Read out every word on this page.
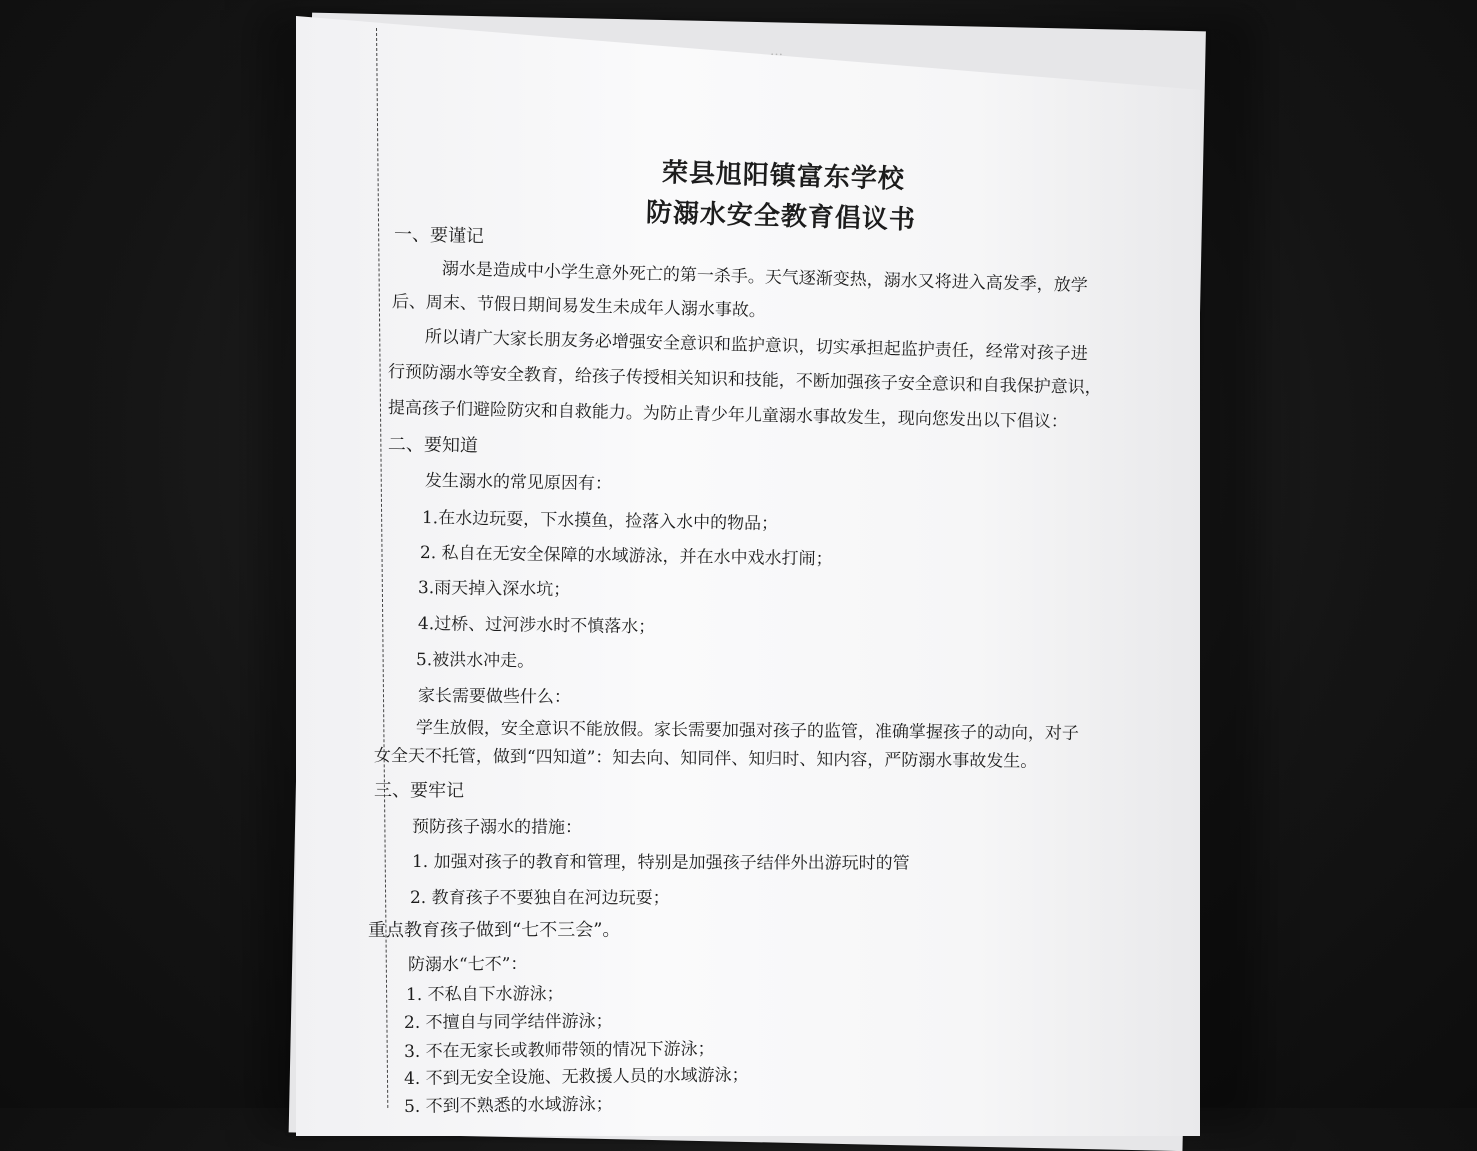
…
荣县旭阳镇富东学校
防溺水安全教育倡议书
一、要谨记
溺水是造成中小学生意外死亡的第一杀手。天气逐渐变热，溺水又将进入高发季，放学
后、周末、节假日期间易发生未成年人溺水事故。
所以请广大家长朋友务必增强安全意识和监护意识，切实承担起监护责任，经常对孩子进
行预防溺水等安全教育，给孩子传授相关知识和技能，不断加强孩子安全意识和自我保护意识，
提高孩子们避险防灾和自救能力。为防止青少年儿童溺水事故发生，现向您发出以下倡议：
二、要知道
发生溺水的常见原因有：
1.在水边玩耍，下水摸鱼，捡落入水中的物品；
2. 私自在无安全保障的水域游泳，并在水中戏水打闹；
3.雨天掉入深水坑；
4.过桥、过河涉水时不慎落水；
5.被洪水冲走。
家长需要做些什么：
学生放假，安全意识不能放假。家长需要加强对孩子的监管，准确掌握孩子的动向，对子
女全天不托管，做到“四知道”：知去向、知同伴、知归时、知内容，严防溺水事故发生。
三、要牢记
预防孩子溺水的措施：
1. 加强对孩子的教育和管理，特别是加强孩子结伴外出游玩时的管
2. 教育孩子不要独自在河边玩耍；
重点教育孩子做到“七不三会”。
防溺水“七不”：
1. 不私自下水游泳；
2. 不擅自与同学结伴游泳；
3. 不在无家长或教师带领的情况下游泳；
4. 不到无安全设施、无救援人员的水域游泳；
5. 不到不熟悉的水域游泳；
